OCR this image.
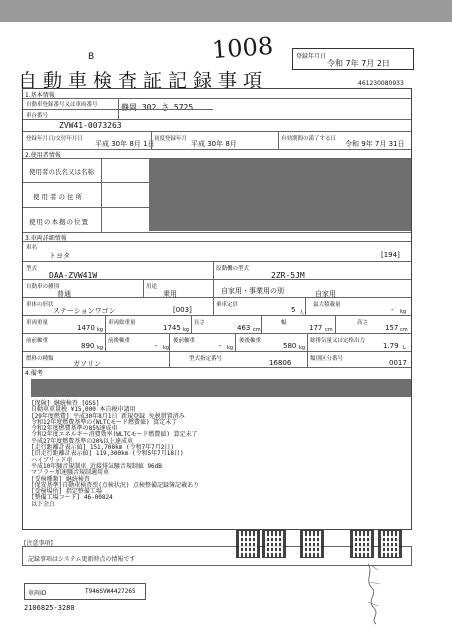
1008
B
自動車検査証記録事項
登録年月日
令和 7年 7月 2日
461230080933
1.基本情報
自動車登録番号又は車両番号	静岡 302 さ 5725
車台番号
ZVW41-0073263
登録年月日/交付年月日
平成 30年 8月 1日
初度登録年月
平成 30年 8月
有効期間の満了する日
令和 9年 7月 31日
2.使用者情報
使用者の氏名又は名称
使用者の住所
使用の本拠の位置
3.車両詳細情報
車名
トヨタ	[194]
型式
DAA-ZVW41W
原動機の型式
2ZR-5JM
自動車の種別
普通
用途
乗用	自家用・事業用の別	自家用
車体の形状
ステーションワゴン	[003]
乗車定員
5 人
最大積載量
- kg
車両重量
1470 kg
車両総重量
1745 kg
長さ
463 cm
幅
177 cm
高さ
157 cm
前前軸重
890 kg
前後軸重
- kg
後前軸重
- kg
後後軸重
580 kg
総排気量又は定格出力
1.79 L
燃料の種類
ガソリン
型式指定番号	16806	類別区分番号	0017
4.備考
[保険] 継続検査 [OSS]
自動車重量税 ¥15,000 本自税申請用
[29年度燃費] 平成30年8月1日 新規登録 免税措置済み
令和12年度燃費基準の(WLTCモード燃費値) 算定未了
令和2年度燃費基準の85%達成車
令和2年度エネルギー消費効率(WLTCモード燃費値) 算定未了
平成27年度燃費基準の20%以上達成車
[走行距離計表示値] 151,700km (令和7年7月2日)
[旧走行距離計表示値] 119,300km (令和5年7月18日)
ハイブリッド車
平成10年騒音規制車 近接排気騒音規制値 96dB
マフラー加速騒音規制適用車
[受検種類] 継続検査
[保安基準]自動車検査票(点検状況) 点検整備記録簿記載あり
[受検場所] 指定整備工場
[整備工場コード] 46-00824
以下余白
[注意事項]
記録事項はシステム更新時点の情報です
車両ID	T946SVW4427265
2106825-3280
